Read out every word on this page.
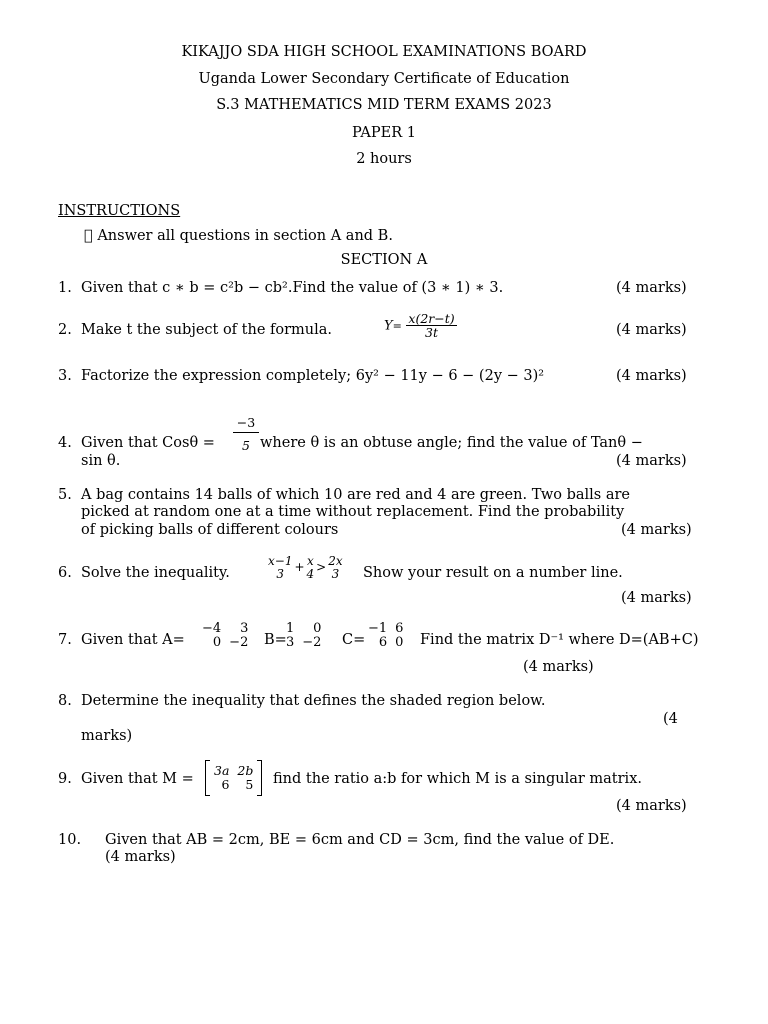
KIKAJJO SDA HIGH SCHOOL EXAMINATIONS BOARD
Uganda Lower Secondary Certificate of Education
S.3 MATHEMATICS MID TERM EXAMS 2023
PAPER 1
2 hours
INSTRUCTIONS
Answer all questions in section A and B.
SECTION A
1. Given that c ∗ b = c²b − cb².Find the value of (3 ∗ 1) ∗ 3.	(4 marks)
2. Make t the subject of the formula.	$Y= \frac{x(2r-t)}{3t}$	(4 marks)
3. Factorize the expression completely; 6y² − 11y − 6 − (2y − 3)²	(4 marks)
−3
5
4. Given that Cosθ =	where θ is an obtuse angle; find the value of Tanθ −
sin θ.	(4 marks)
5. A bag contains 14 balls of which 10 are red and 4 are green. Two balls are
picked at random one at a time without replacement. Find the probability
of picking balls of different colours	(4 marks)
6. Solve the inequality.
x−1
3 + x
4 > 2x
3	Show your result on a number line.
(4 marks)
7. Given that A=
−4	3
0	−2 B=
1	0
3	−2 C=
−1	6
6	0 Find the matrix D⁻¹ where D=(AB+C)
(4 marks)
8. Determine the inequality that defines the shaded region below.
(4
marks)
9. Given that M =
3a	2b
6	5 find the ratio a:b for which M is a singular matrix.
(4 marks)
10. Given that AB = 2cm, BE = 6cm and CD = 3cm, find the value of DE.
(4 marks)
